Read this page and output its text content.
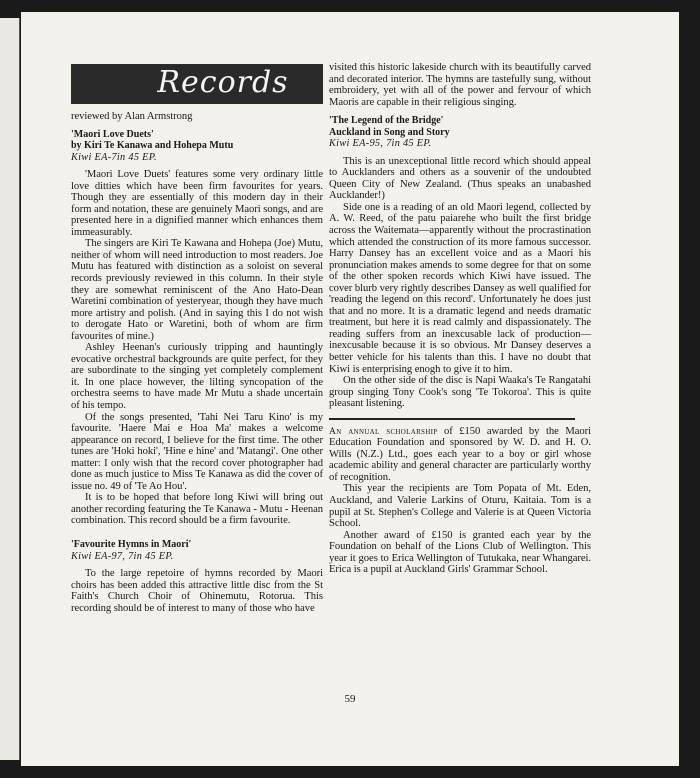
Records

reviewed by Alan Armstrong

'Maori Love Duets'

by Kiri Te Kanawa and Hohepa Mutu

Kiwi EA-7in 45 EP.

'Maori Love Duets' features some very ordinary little love ditties which have been firm favourites for years. Though they are essentially of this modern day in their form and notation, these are genuinely Maori songs, and are presented here in a dignified manner which enhances them immeasurably.

The singers are Kiri Te Kawana and Hohepa (Joe) Mutu, neither of whom will need introduction to most readers. Joe Mutu has featured with distinction as a soloist on several records previously reviewed in this column. In their style they are somewhat reminiscent of the Ano Hato-Dean Waretini combination of yesteryear, though they have much more artistry and polish. (And in saying this I do not wish to derogate Hato or Waretini, both of whom are firm favourites of mine.)

Ashley Heenan's curiously tripping and hauntingly evocative orchestral backgrounds are quite perfect, for they are subordinate to the singing yet completely complement it. In one place however, the lilting syncopation of the orchestra seems to have made Mr Mutu a shade uncertain of his tempo.

Of the songs presented, 'Tahi Nei Taru Kino' is my favourite. 'Haere Mai e Hoa Ma' makes a welcome appearance on record, I believe for the first time. The other tunes are 'Hoki hoki', 'Hine e hine' and 'Matangi'. One other matter: I only wish that the record cover photographer had done as much justice to Miss Te Kanawa as did the cover of issue no. 49 of 'Te Ao Hou'.

It is to be hoped that before long Kiwi will bring out another recording featuring the Te Kanawa - Mutu - Heenan combination. This record should be a firm favourite.

'Favourite Hymns in Maori'

Kiwi EA-97, 7in 45 EP.

To the large repetoire of hymns recorded by Maori choirs has been added this attractive little disc from the St Faith's Church Choir of Ohinemutu, Rotorua. This recording should be of interest to many of those who have

visited this historic lakeside church with its beautifully carved and decorated interior. The hymns are tastefully sung, without embroidery, yet with all of the power and fervour of which Maoris are capable in their religious singing.

'The Legend of the Bridge'

Auckland in Song and Story

Kiwi EA-95, 7in 45 EP.

This is an unexceptional little record which should appeal to Aucklanders and others as a souvenir of the undoubted Queen City of New Zealand. (Thus speaks an unabashed Aucklander!)

Side one is a reading of an old Maori legend, collected by A. W. Reed, of the patu paiarehe who built the first bridge across the Waitemata—apparently without the procrastination which attended the construction of its more famous successor. Harry Dansey has an excellent voice and as a Maori his pronunciation makes amends to some degree for that on some of the other spoken records which Kiwi have issued. The cover blurb very rightly describes Dansey as well qualified for 'reading the legend on this record'. Unfortunately he does just that and no more. It is a dramatic legend and needs dramatic treatment, but here it is read calmly and dispassionately. The reading suffers from an inexcusable lack of production—inexcusable because it is so obvious. Mr Dansey deserves a better vehicle for his talents than this. I have no doubt that Kiwi is enterprising enogh to give it to him.

On the other side of the disc is Napi Waaka's Te Rangatahi group singing Tony Cook's song 'Te Tokoroa'. This is quite pleasant listening.

An annual scholarship of £150 awarded by the Maori Education Foundation and sponsored by W. D. and H. O. Wills (N.Z.) Ltd., goes each year to a boy or girl whose academic ability and general character are particularly worthy of recognition.

This year the recipients are Tom Popata of Mt. Eden, Auckland, and Valerie Larkins of Oturu, Kaitaia. Tom is a pupil at St. Stephen's College and Valerie is at Queen Victoria School.

Another award of £150 is granted each year by the Foundation on behalf of the Lions Club of Wellington. This year it goes to Erica Wellington of Tutukaka, near Whangarei. Erica is a pupil at Auckland Girls' Grammar School.

59
